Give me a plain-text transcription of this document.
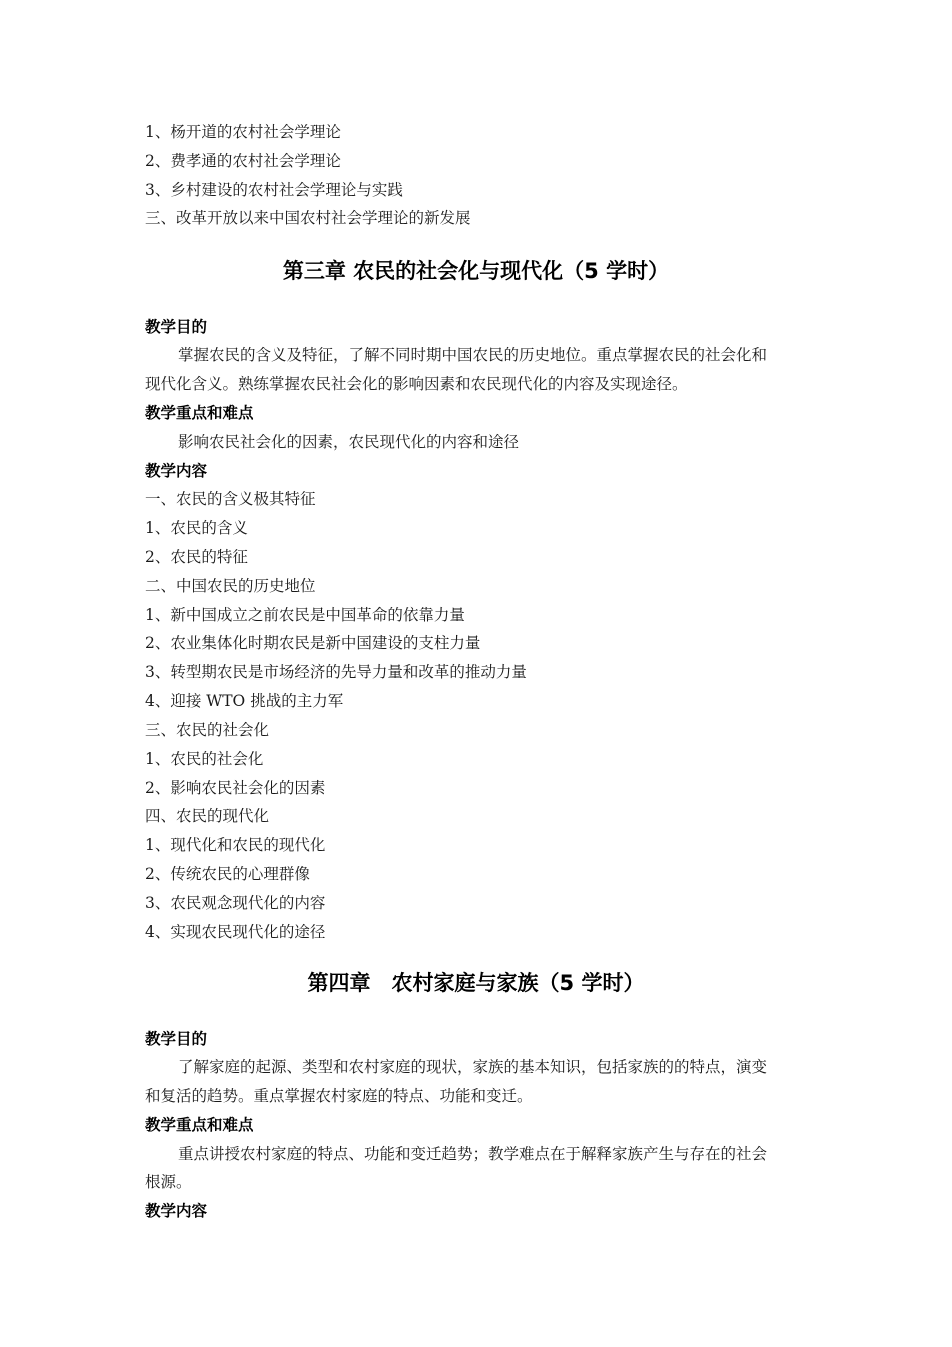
1、杨开道的农村社会学理论
2、费孝通的农村社会学理论
3、乡村建设的农村社会学理论与实践
三、改革开放以来中国农村社会学理论的新发展
第三章 农民的社会化与现代化（5 学时）
教学目的
掌握农民的含义及特征，了解不同时期中国农民的历史地位。重点掌握农民的社会化和
现代化含义。熟练掌握农民社会化的影响因素和农民现代化的内容及实现途径。
教学重点和难点
影响农民社会化的因素，农民现代化的内容和途径
教学内容
一、农民的含义极其特征
1、农民的含义
2、农民的特征
二、中国农民的历史地位
1、新中国成立之前农民是中国革命的依靠力量
2、农业集体化时期农民是新中国建设的支柱力量
3、转型期农民是市场经济的先导力量和改革的推动力量
4、迎接 WTO 挑战的主力军
三、农民的社会化
1、农民的社会化
2、影响农民社会化的因素
四、农民的现代化
1、现代化和农民的现代化
2、传统农民的心理群像
3、农民观念现代化的内容
4、实现农民现代化的途径
第四章　农村家庭与家族（5 学时）
教学目的
了解家庭的起源、类型和农村家庭的现状，家族的基本知识，包括家族的的特点，演变
和复活的趋势。重点掌握农村家庭的特点、功能和变迁。
教学重点和难点
重点讲授农村家庭的特点、功能和变迁趋势；教学难点在于解释家族产生与存在的社会
根源。
教学内容
